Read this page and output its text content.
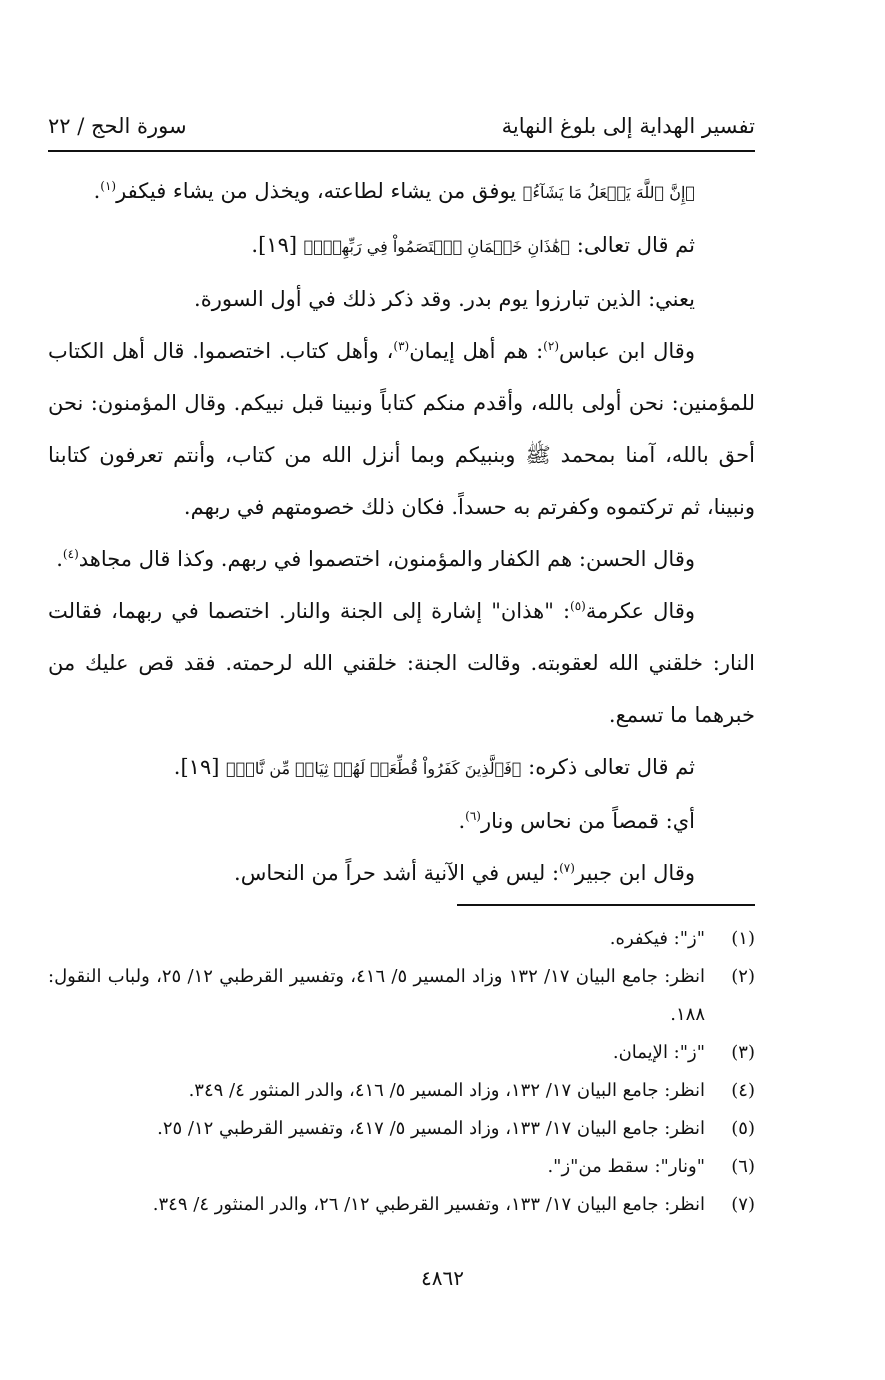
تفسير الهداية إلى بلوغ النهاية
سورة الحج / ٢٢

﴿إِنَّ ٱللَّهَ يَفۡعَلُ مَا يَشَآءُ﴾ يوفق من يشاء لطاعته، ويخذل من يشاء فيكفر$^{(١)}$.

ثم قال تعالى: ﴿هَٰذَانِ خَصۡمَانِ ٱخۡتَصَمُواْ فِي رَبِّهِمۡۖ﴾ [١٩].

يعني: الذين تبارزوا يوم بدر. وقد ذكر ذلك في أول السورة.

وقال ابن عباس$^{(٢)}$: هم أهل إيمان$^{(٣)}$، وأهل كتاب. اختصموا. قال أهل الكتاب للمؤمنين: نحن أولى بالله، وأقدم منكم كتاباً ونبينا قبل نبيكم. وقال المؤمنون: نحن أحق بالله، آمنا بمحمد ﷺ وبنبيكم وبما أنزل الله من كتاب، وأنتم تعرفون كتابنا ونبينا، ثم تركتموه وكفرتم به حسداً. فكان ذلك خصومتهم في ربهم.

وقال الحسن: هم الكفار والمؤمنون، اختصموا في ربهم. وكذا قال مجاهد$^{(٤)}$.

وقال عكرمة$^{(٥)}$: "هذان" إشارة إلى الجنة والنار. اختصما في ربهما، فقالت النار: خلقني الله لعقوبته. وقالت الجنة: خلقني الله لرحمته. فقد قص عليك من خبرهما ما تسمع.

ثم قال تعالى ذكره: ﴿فَٱلَّذِينَ كَفَرُواْ قُطِّعَتۡ لَهُمۡ ثِيَابٞ مِّن نَّارٖ﴾ [١٩].

أي: قمصاً من نحاس ونار$^{(٦)}$.

وقال ابن جبير$^{(٧)}$: ليس في الآنية أشد حراً من النحاس.

(١)
"ز": فيكفره.
(٢)
انظر: جامع البيان ١٧/ ١٣٢ وزاد المسير ٥/ ٤١٦، وتفسير القرطبي ١٢/ ٢٥، ولباب النقول: ١٨٨.
(٣)
"ز": الإيمان.
(٤)
انظر: جامع البيان ١٧/ ١٣٢، وزاد المسير ٥/ ٤١٦، والدر المنثور ٤/ ٣٤٩.
(٥)
انظر: جامع البيان ١٧/ ١٣٣، وزاد المسير ٥/ ٤١٧، وتفسير القرطبي ١٢/ ٢٥.
(٦)
"ونار": سقط من"ز".
(٧)
انظر: جامع البيان ١٧/ ١٣٣، وتفسير القرطبي ١٢/ ٢٦، والدر المنثور ٤/ ٣٤٩.
٤٨٦٢
